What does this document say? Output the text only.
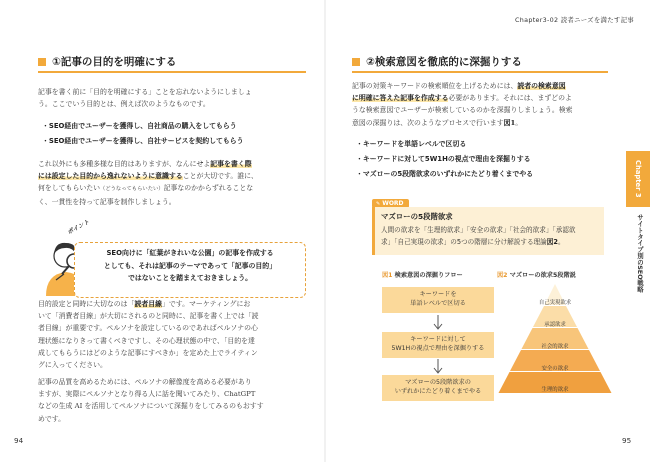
Chapter3-02 読者ニーズを満たす記事
①記事の目的を明確にする

記事を書く前に「目的を明確にする」ことを忘れないようにしましょ

う。ここでいう目的とは、例えば次のようなものです。

・SEO経由でユーザーを獲得し、自社商品の購入をしてもらう
・SEO経由でユーザーを獲得し、自社サービスを契約してもらう

これ以外にも多種多様な目的はありますが、なんにせよ記事を書く際

には設定した目的から逸れないように意識することが大切です。誰に、

何をしてもらいたい（どうなってもらいたい）記事なのかからずれることな

く、一貫性を持って記事を制作しましょう。

ポイント

SEO向けに「紅葉がきれいな公園」の記事を作成する

としても、それは記事のテーマであって「記事の目的」

ではないことを踏まえておきましょう。

目的設定と同時に大切なのは「読者目線」です。マーケティングにお

いて「消費者目線」が大切にされるのと同時に、記事を書く上では「読

者目線」が重要です。ペルソナを設定しているのであればペルソナの心

理状態になりきって書くべきですし、その心理状態の中で、「目的を達

成してもらうにはどのような記事にすべきか」を定めた上でライティン

グに入ってください。

記事の品質を高めるためには、ペルソナの解像度を高める必要があり

ますが、実際にペルソナとなり得る人に話を聞いてみたり、ChatGPT

などの生成 AI を活用してペルソナについて深掘りをしてみるのもおすす

めです。

94
②検索意図を徹底的に深掘りする

記事の対策キーワードの検索順位を上げるためには、読者の検索意図

に明確に答えた記事を作成する必要があります。それには、まずどのよ

うな検索意図でユーザーが検索しているのかを深掘りしましょう。検索

意図の深掘りは、次のようなプロセスで行います図1。

・キーワードを単語レベルで区切る
・キーワードに対して5W1Hの視点で理由を深掘りする
・マズローの5段階欲求のいずれかにたどり着くまでやる
✎ WORD
マズローの5段階欲求

人間の欲求を「生理的欲求」「安全の欲求」「社会的欲求」「承認欲

求」「自己実現の欲求」の5つの階層に分け解説する理論図2。

図1 検索意図の深掘りフロー
キーワードを
単語レベルで区切る
キーワードに対して
5W1Hの視点で理由を深掘りする
マズローの5段階欲求の
いずれかにたどり着くまでやる
図2 マズローの欲求5段階説
自己実現欲求
承認欲求
社会的欲求
安全の欲求
生理的欲求
Chapter 3
サイトタイプ別のSEO戦略
95
